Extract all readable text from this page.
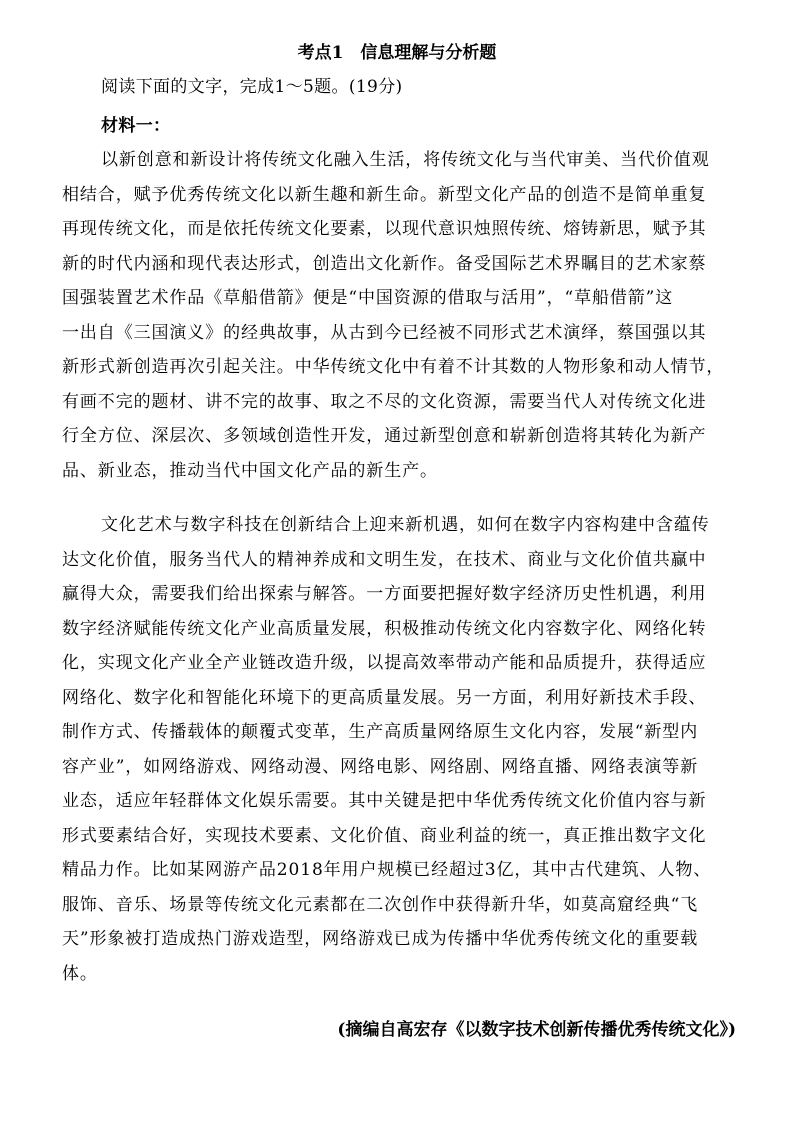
考点1　信息理解与分析题
阅读下面的文字，完成1～5题。(19分)
材料一：
以新创意和新设计将传统文化融入生活，将传统文化与当代审美、当代价值观
相结合，赋予优秀传统文化以新生趣和新生命。新型文化产品的创造不是简单重复
再现传统文化，而是依托传统文化要素，以现代意识烛照传统、熔铸新思，赋予其
新的时代内涵和现代表达形式，创造出文化新作。备受国际艺术界瞩目的艺术家蔡
国强装置艺术作品《草船借箭》便是“中国资源的借取与活用”，“草船借箭”这
一出自《三国演义》的经典故事，从古到今已经被不同形式艺术演绎，蔡国强以其
新形式新创造再次引起关注。中华传统文化中有着不计其数的人物形象和动人情节，
有画不完的题材、讲不完的故事、取之不尽的文化资源，需要当代人对传统文化进
行全方位、深层次、多领域创造性开发，通过新型创意和崭新创造将其转化为新产
品、新业态，推动当代中国文化产品的新生产。
文化艺术与数字科技在创新结合上迎来新机遇，如何在数字内容构建中含蕴传
达文化价值，服务当代人的精神养成和文明生发，在技术、商业与文化价值共赢中
赢得大众，需要我们给出探索与解答。一方面要把握好数字经济历史性机遇，利用
数字经济赋能传统文化产业高质量发展，积极推动传统文化内容数字化、网络化转
化，实现文化产业全产业链改造升级，以提高效率带动产能和品质提升，获得适应
网络化、数字化和智能化环境下的更高质量发展。另一方面，利用好新技术手段、
制作方式、传播载体的颠覆式变革，生产高质量网络原生文化内容，发展“新型内
容产业”，如网络游戏、网络动漫、网络电影、网络剧、网络直播、网络表演等新
业态，适应年轻群体文化娱乐需要。其中关键是把中华优秀传统文化价值内容与新
形式要素结合好，实现技术要素、文化价值、商业利益的统一，真正推出数字文化
精品力作。比如某网游产品2018年用户规模已经超过3亿，其中古代建筑、人物、
服饰、音乐、场景等传统文化元素都在二次创作中获得新升华，如莫高窟经典“飞
天”形象被打造成热门游戏造型，网络游戏已成为传播中华优秀传统文化的重要载
体。
(摘编自高宏存《以数字技术创新传播优秀传统文化》)
